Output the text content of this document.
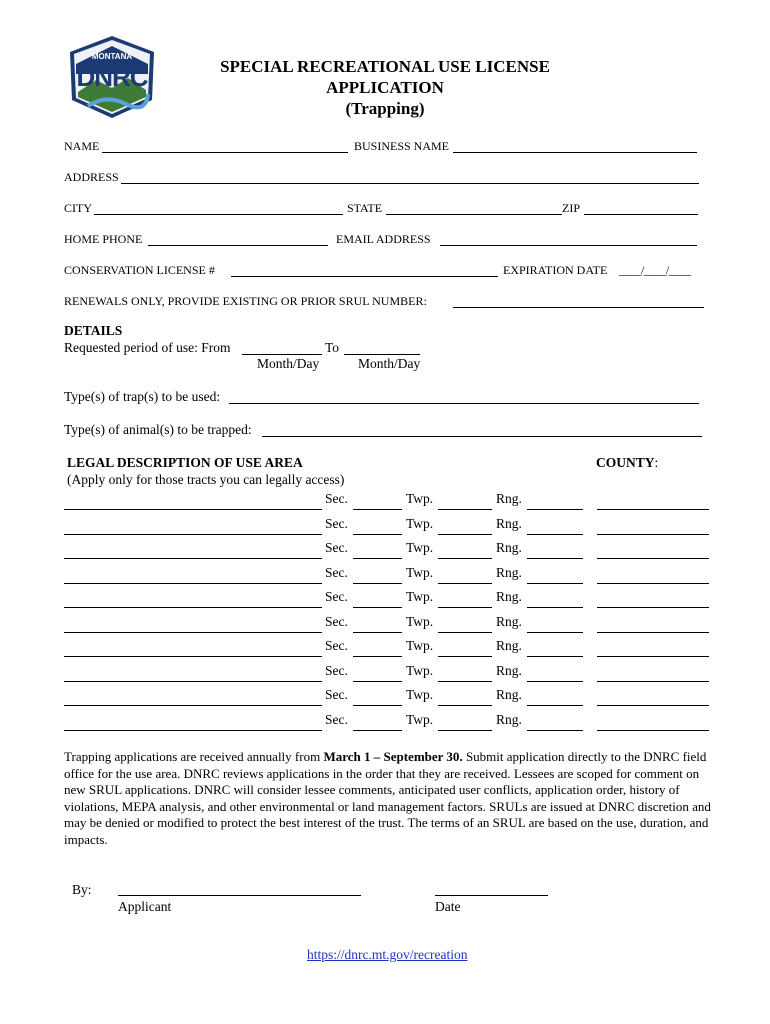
MONTANA
DNRC	SPECIAL RECREATIONAL USE LICENSE
APPLICATION
(Trapping)
NAME	BUSINESS NAME
ADDRESS
CITY	STATE	ZIP
HOME PHONE	EMAIL ADDRESS
CONSERVATION LICENSE #	EXPIRATION DATE ____/____/____
RENEWALS ONLY, PROVIDE EXISTING OR PRIOR SRUL NUMBER:
DETAILS
Requested period of use: From	To
Month/Day	Month/Day
Type(s) of trap(s) to be used:
Type(s) of animal(s) to be trapped:
LEGAL DESCRIPTION OF USE AREA
(Apply only for those tracts you can legally access)
COUNTY:
Sec.	Twp.	Rng.
Sec.	Twp.	Rng.
Sec.	Twp.	Rng.
Sec.	Twp.	Rng.
Sec.	Twp.	Rng.
Sec.	Twp.	Rng.
Sec.	Twp.	Rng.
Sec.	Twp.	Rng.
Sec.	Twp.	Rng.
Sec.	Twp.	Rng.
Trapping applications are received annually from March 1 – September 30. Submit application directly to the DNRC field office for the use area. DNRC reviews applications in the order that they are received. Lessees are scoped for comment on new SRUL applications. DNRC will consider lessee comments, anticipated user conflicts, application order, history of violations, MEPA analysis, and other environmental or land management factors. SRULs are issued at DNRC discretion and may be denied or modified to protect the best interest of the trust. The terms of an SRUL are based on the use, duration, and impacts.
By:
Applicant	Date
https://dnrc.mt.gov/recreation
